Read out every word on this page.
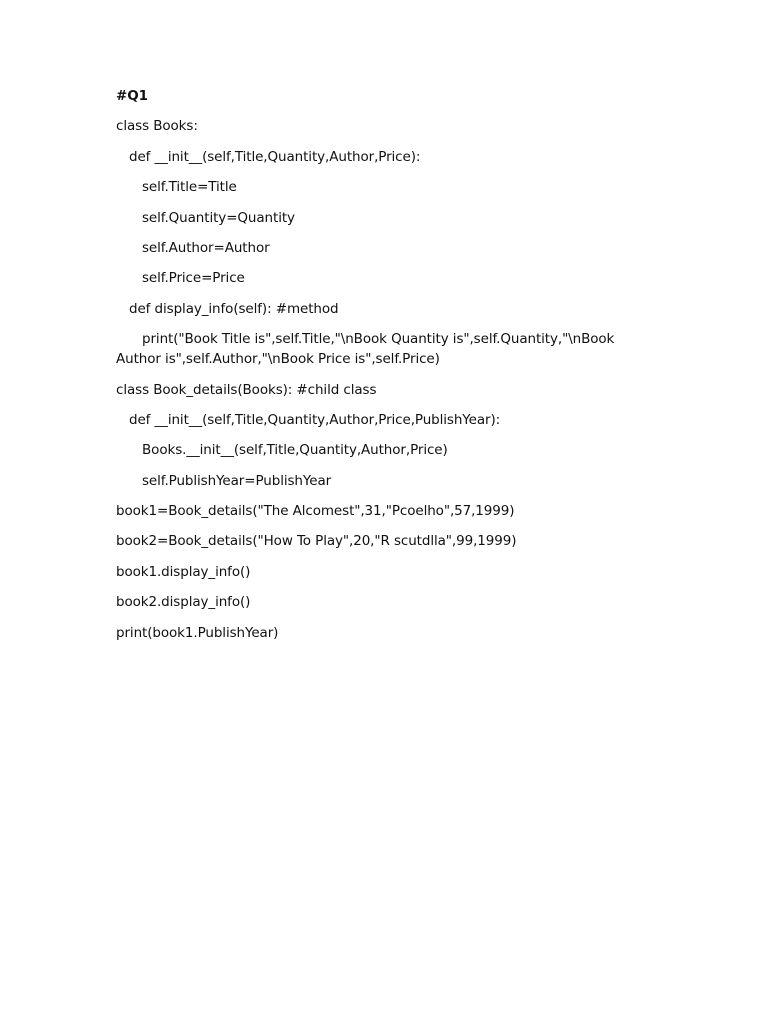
#Q1
class Books:
def __init__(self,Title,Quantity,Author,Price):
self.Title=Title
self.Quantity=Quantity
self.Author=Author
self.Price=Price
def display_info(self): #method
print("Book Title is",self.Title,"\nBook Quantity is",self.Quantity,"\nBook Author is",self.Author,"\nBook Price is",self.Price)
class Book_details(Books): #child class
def __init__(self,Title,Quantity,Author,Price,PublishYear):
Books.__init__(self,Title,Quantity,Author,Price)
self.PublishYear=PublishYear
book1=Book_details("The Alcomest",31,"Pcoelho",57,1999)
book2=Book_details("How To Play",20,"R scutdlla",99,1999)
book1.display_info()
book2.display_info()
print(book1.PublishYear)
